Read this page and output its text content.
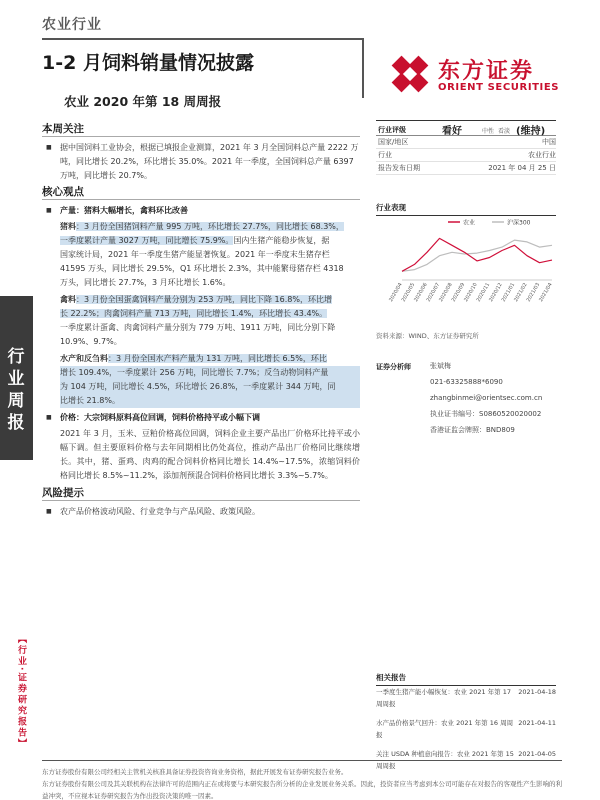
农业行业
1-2 月饲料销量情况披露
农业 2020 年第 18 周周报
东方证券
ORIENT SECURITIES
行业周报
【行业·证券研究报告】
本周关注
■ 据中国饲料工业协会，根据已填报企业测算，2021 年 3 月全国饲料总产量 2222 万吨，同比增长 20.2%，环比增长 35.0%。2021 年一季度，全国饲料总产量 6397 万吨，同比增长 20.7%。
核心观点
■ 产量：猪料大幅增长，禽料环比改善
猪料：3 月份全国猪饲料产量 995 万吨，环比增长 27.7%，同比增长 68.3%，
一季度累计产量 3027 万吨，同比增长 75.9%。国内生猪产能稳步恢复，据
国家统计局，2021 年一季度生猪产能显著恢复。2021 年一季度末生猪存栏
41595 万头，同比增长 29.5%，Q1 环比增长 2.3%，其中能繁母猪存栏 4318
万头，同比增长 27.7%，3 月环比增长 1.6%。
禽料：3 月份全国蛋禽饲料产量分别为 253 万吨，同比下降 16.8%，环比增
长 22.2%；肉禽饲料产量 713 万吨，同比增长 1.4%，环比增长 43.4%。
一季度累计蛋禽、肉禽饲料产量分别为 779 万吨、1911 万吨，同比分别下降
10.9%、9.7%。
水产和反刍料：3 月份全国水产料产量为 131 万吨，同比增长 6.5%，环比
增长 109.4%，一季度累计 256 万吨，同比增长 7.7%；反刍动物饲料产量
为 104 万吨，同比增长 4.5%，环比增长 26.8%，一季度累计 344 万吨，同
比增长 21.8%。
■ 价格：大宗饲料原料高位回调，饲料价格持平或小幅下调
2021 年 3 月，玉米、豆粕价格高位回调，饲料企业主要产品出厂价格环比持平或小幅下调。但主要原料价格与去年同期相比仍处高位，推动产品出厂价格同比继续增长。其中，猪、蛋鸡、肉鸡的配合饲料价格同比增长 14.4%~17.5%，浓缩饲料价格同比增长 8.5%~11.2%，添加剂预混合饲料价格同比增长 3.3%~5.7%。
风险提示
■ 农产品价格波动风险、行业竞争与产品风险、政策风险。
行业评级	看好	中性 看淡 (维持)
国家/地区	中国
行业	农业行业
报告发布日期	2021 年 04 月 25 日
行业表现
农业	沪深300
2020/04
2020/05
2020/06
2020/07
2020/08
2020/09
2020/10
2020/11
2020/12
2021/01
2021/02
2021/03
2021/04
资料来源：WIND、东方证券研究所
证券分析师	张斌梅
021-63325888*6090
zhangbinmei@orientsec.com.cn
执业证书编号：S0860520020002
香港证监会牌照：BND809
相关报告
一季度生猪产能小幅恢复：农业 2021 年第 17 周周报
2021-04-18
水产品价格景气回升：农业 2021 年第 16 周周报
2021-04-11
关注 USDA 种植意向报告：农业 2021 年第 15 周周报
2021-04-05
东方证券股份有限公司经相关主管机关核准具备证券投资咨询业务资格，据此开展发布证券研究报告业务。
东方证券股份有限公司及其关联机构在法律许可的范围内正在或将要与本研究报告所分析的企业发展业务关系。因此，投资者应当考虑到本公司可能存在对报告的客观性产生影响的利益冲突，不应视本证券研究报告为作出投资决策的唯一因素。
